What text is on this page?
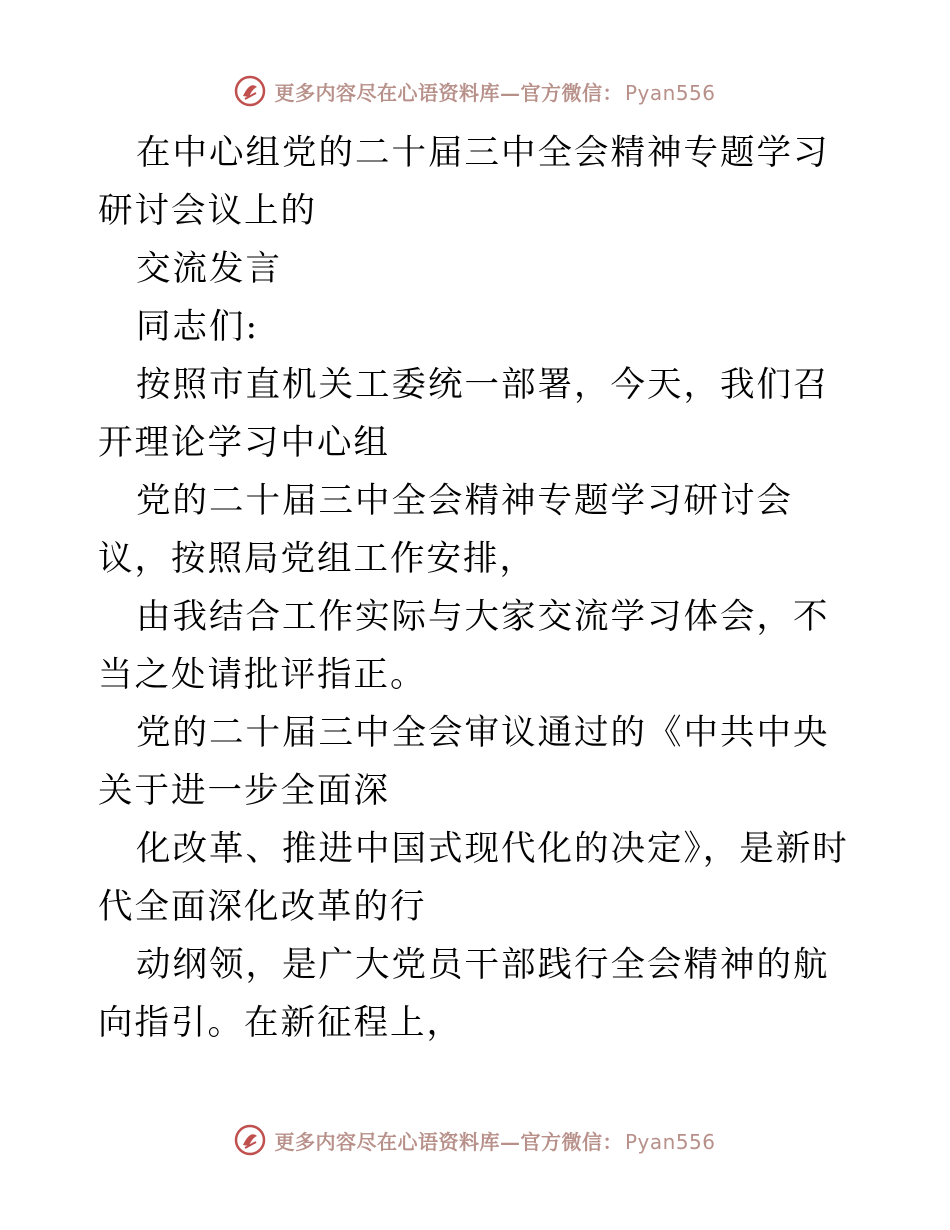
更多内容尽在心语资料库—官方微信： Pyan556

在中心组党的二十届三中全会精神专题学习研讨会议上的

交流发言

同志们:

按照市直机关工委统一部署，今天，我们召开理论学习中心组

党的二十届三中全会精神专题学习研讨会议，按照局党组工作安排，

由我结合工作实际与大家交流学习体会，不当之处请批评指正。

党的二十届三中全会审议通过的《中共中央关于进一步全面深

化改革、推进中国式现代化的决定》，是新时代全面深化改革的行

动纲领，是广大党员干部践行全会精神的航向指引。在新征程上，

更多内容尽在心语资料库—官方微信： Pyan556
